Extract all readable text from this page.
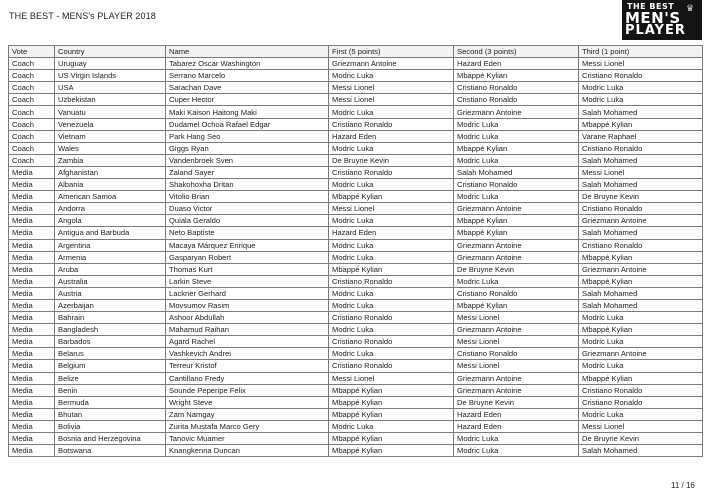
THE BEST - MENS's PLAYER 2018
♛
THE BEST
MEN'S
PLAYER
Vote	Country	Name	First (5 points)	Second (3 points)	Third (1 point)
Coach	Uruguay	Tabarez Oscar Washington	Griezmann Antoine	Hazard Eden	Messi Lionel
Coach	US Virgin Islands	Serrano Marcelo	Modric Luka	Mbappé Kylian	Cristiano Ronaldo
Coach	USA	Sarachan Dave	Messi Lionel	Cristiano Ronaldo	Modric Luka
Coach	Uzbekistan	Cuper Hector	Messi Lionel	Cristiano Ronaldo	Modric Luka
Coach	Vanuatu	Maki Kaison Haitong Maki	Modric Luka	Griezmann Antoine	Salah Mohamed
Coach	Venezuela	Dudamel Ochoa Rafael Edgar	Cristiano Ronaldo	Modric Luka	Mbappé Kylian
Coach	Vietnam	Park Hang Seo	Hazard Eden	Modric Luka	Varane Raphael
Coach	Wales	Giggs Ryan	Modric Luka	Mbappé Kylian	Cristiano Ronaldo
Coach	Zambia	Vandenbroek Sven	De Bruyne Kevin	Modric Luka	Salah Mohamed
Media	Afghanistan	Zaland Sayer	Cristiano Ronaldo	Salah Mohamed	Messi Lionel
Media	Albania	Shakohoxha Dritan	Modric Luka	Cristiano Ronaldo	Salah Mohamed
Media	American Samoa	Vitolio Brian	Mbappé Kylian	Modric Luka	De Bruyne Kevin
Media	Andorra	Duaso Victor	Messi Lionel	Griezmann Antoine	Cristiano Ronaldo
Media	Angola	Quiala Geraldo	Modric Luka	Mbappé Kylian	Griezmann Antoine
Media	Antigua and Barbuda	Neto Baptiste	Hazard Eden	Mbappé Kylian	Salah Mohamed
Media	Argentina	Macaya Márquez Enrique	Modric Luka	Griezmann Antoine	Cristiano Ronaldo
Media	Armenia	Gasparyan Robert	Modric Luka	Griezmann Antoine	Mbappé Kylian
Media	Aruba	Thomas Kurt	Mbappé Kylian	De Bruyne Kevin	Griezmann Antoine
Media	Australia	Larkin Steve	Cristiano Ronaldo	Modric Luka	Mbappé Kylian
Media	Austria	Lackner Gerhard	Modric Luka	Cristiano Ronaldo	Salah Mohamed
Media	Azerbaijan	Movsumov Rasim	Modric Luka	Mbappé Kylian	Salah Mohamed
Media	Bahrain	Ashoor Abdullah	Cristiano Ronaldo	Messi Lionel	Modric Luka
Media	Bangladesh	Mahamud Raihan	Modric Luka	Griezmann Antoine	Mbappé Kylian
Media	Barbados	Agard Rachel	Cristiano Ronaldo	Messi Lionel	Modric Luka
Media	Belarus	Vashkevich Andrei	Modric Luka	Cristiano Ronaldo	Griezmann Antoine
Media	Belgium	Terreur Kristof	Cristiano Ronaldo	Messi Lionel	Modric Luka
Media	Belize	Cantillano Fredy	Messi Lionel	Griezmann Antoine	Mbappé Kylian
Media	Benin	Sounde Peperipe Felix	Mbappé Kylian	Griezmann Antoine	Cristiano Ronaldo
Media	Bermuda	Wright Steve	Mbappé Kylian	De Bruyne Kevin	Cristiano Ronaldo
Media	Bhutan	Zam Namgay	Mbappé Kylian	Hazard Eden	Modric Luka
Media	Bolivia	Zurita Mustafa Marco Gery	Modric Luka	Hazard Eden	Messi Lionel
Media	Bosnia and Herzegovina	Tanovic Muamer	Mbappé Kylian	Modric Luka	De Bruyne Kevin
Media	Botswana	Knangkenna Duncan	Mbappé Kylian	Modric Luka	Salah Mohamed
11 / 16
